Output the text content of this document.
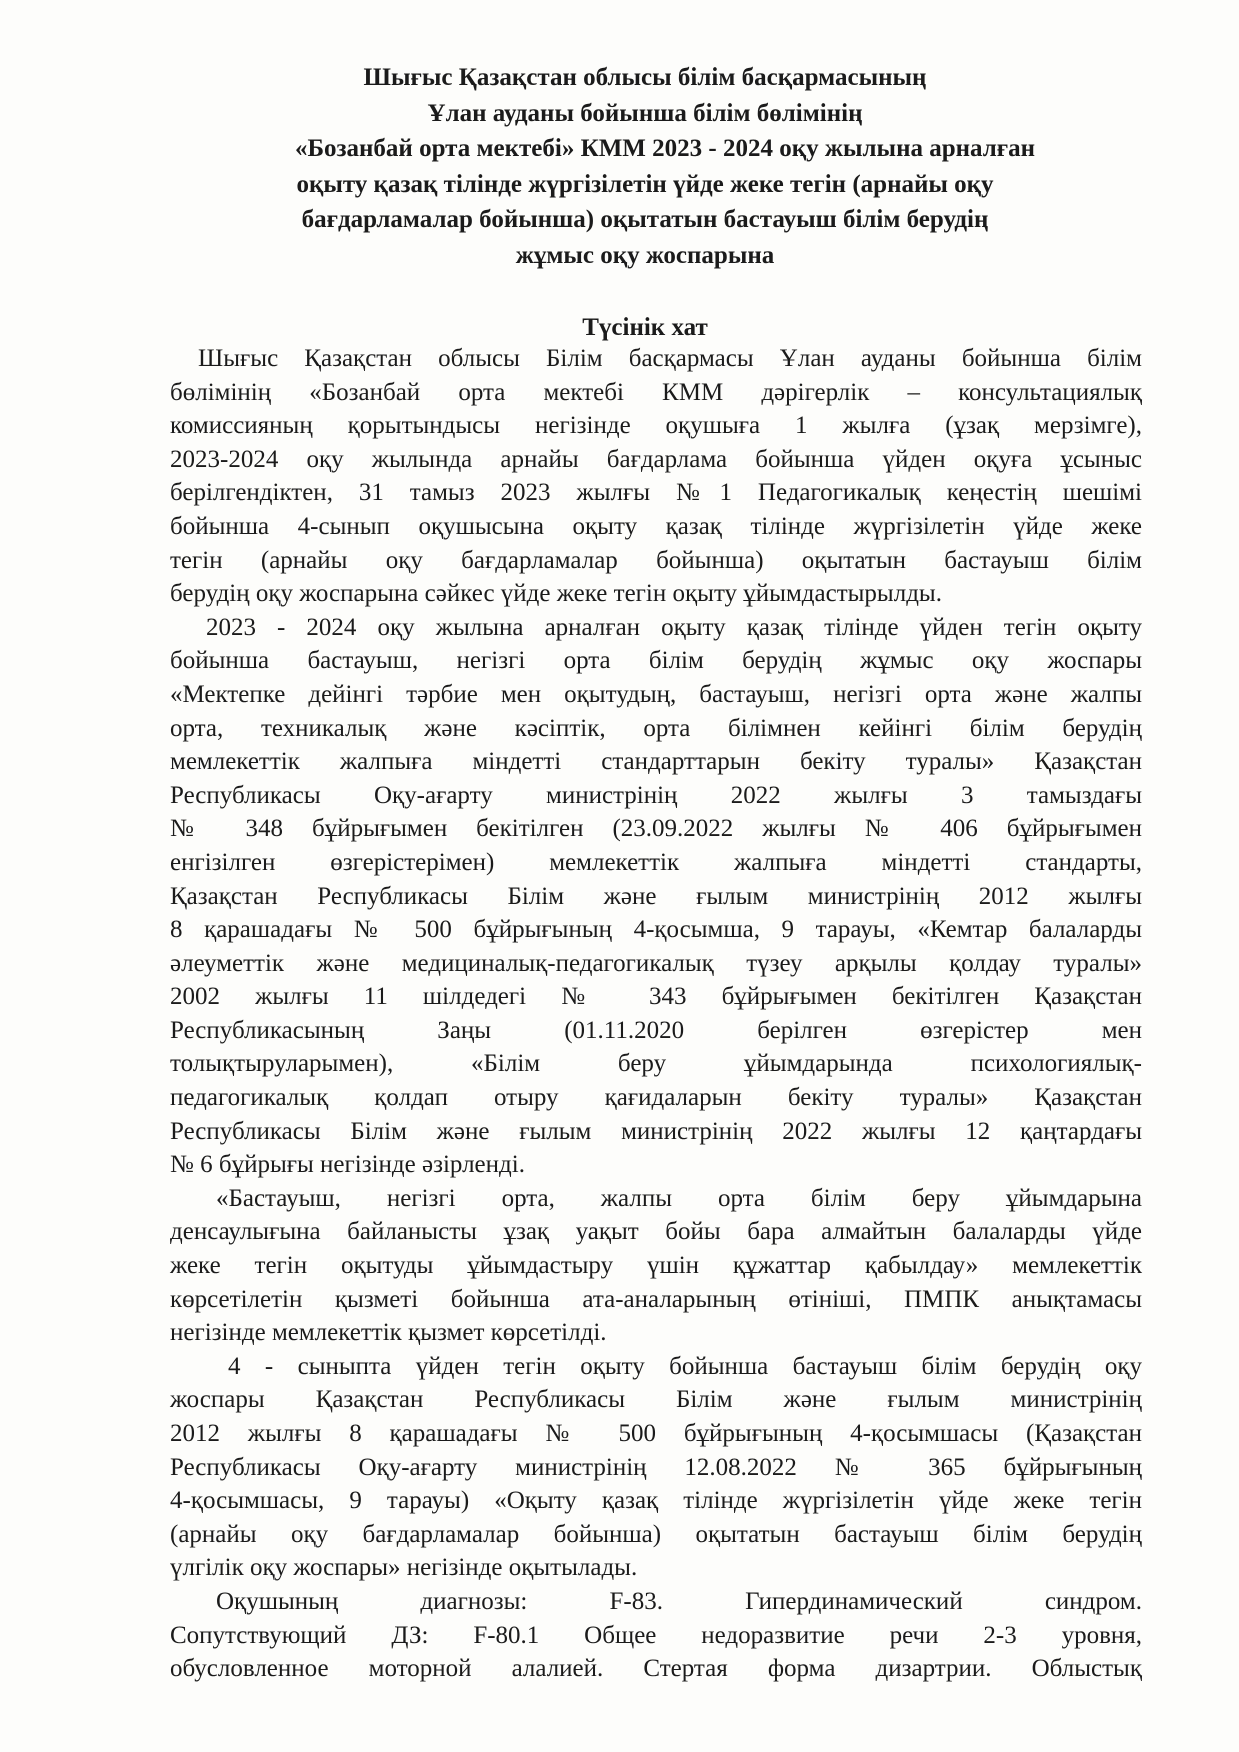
Шығыс Қазақстан облысы білім басқармасының
Ұлан ауданы бойынша білім бөлімінің
«Бозанбай орта мектебі» КММ 2023 - 2024 оқу жылына арналған
оқыту қазақ тілінде жүргізілетін үйде жеке тегін (арнайы оқу
бағдарламалар бойынша) оқытатын бастауыш білім берудің
жұмыс оқу жоспарына
Түсінік хат
Шығыс Қазақстан облысы Білім басқармасы Ұлан ауданы бойынша білім
бөлімінің «Бозанбай орта мектебі КММ дәрігерлік – консультациялық
комиссияның қорытындысы негізінде оқушыға 1 жылға (ұзақ мерзімге),
2023-2024 оқу жылында арнайы бағдарлама бойынша үйден оқуға ұсыныс
берілгендіктен, 31 тамыз 2023 жылғы №1 Педагогикалық кеңестің шешімі
бойынша 4-сынып оқушысына оқыту қазақ тілінде жүргізілетін үйде жеке
тегін (арнайы оқу бағдарламалар бойынша) оқытатын бастауыш білім
берудің оқу жоспарына сәйкес үйде жеке тегін оқыту ұйымдастырылды.
2023 - 2024 оқу жылына арналған оқыту қазақ тілінде үйден тегін оқыту
бойынша бастауыш, негізгі орта білім берудің жұмыс оқу жоспары
«Мектепке дейінгі тәрбие мен оқытудың, бастауыш, негізгі орта және жалпы
орта, техникалық және кәсіптік, орта білімнен кейінгі білім берудің
мемлекеттік жалпыға міндетті стандарттарын бекіту туралы» Қазақстан
Республикасы Оқу-ағарту министрінің 2022 жылғы 3 тамыздағы
№ 348 бұйрығымен бекітілген (23.09.2022 жылғы № 406 бұйрығымен
енгізілген өзгерістерімен) мемлекеттік жалпыға міндетті стандарты,
Қазақстан Республикасы Білім және ғылым министрінің 2012 жылғы
8 қарашадағы № 500 бұйрығының 4-қосымша, 9 тарауы, «Кемтар балаларды
әлеуметтік және медициналық-педагогикалық түзеу арқылы қолдау туралы»
2002 жылғы 11 шілдедегі № 343 бұйрығымен бекітілген Қазақстан
Республикасының Заңы (01.11.2020 берілген өзгерістер мен
толықтыруларымен), «Білім беру ұйымдарында психологиялық-
педагогикалық қолдап отыру қағидаларын бекіту туралы» Қазақстан
Республикасы Білім және ғылым министрінің 2022 жылғы 12 қаңтардағы
№ 6 бұйрығы негізінде әзірленді.
«Бастауыш, негізгі орта, жалпы орта білім беру ұйымдарына
денсаулығына байланысты ұзақ уақыт бойы бара алмайтын балаларды үйде
жеке тегін оқытуды ұйымдастыру үшін құжаттар қабылдау» мемлекеттік
көрсетілетін қызметі бойынша ата-аналарының өтініші, ПМПК анықтамасы
негізінде мемлекеттік қызмет көрсетілді.
4 - сыныпта үйден тегін оқыту бойынша бастауыш білім берудің оқу
жоспары Қазақстан Республикасы Білім және ғылым министрінің
2012 жылғы 8 қарашадағы № 500 бұйрығының 4-қосымшасы (Қазақстан
Республикасы Оқу-ағарту министрінің 12.08.2022 № 365 бұйрығының
4-қосымшасы, 9 тарауы) «Оқыту қазақ тілінде жүргізілетін үйде жеке тегін
(арнайы оқу бағдарламалар бойынша) оқытатын бастауыш білім берудің
үлгілік оқу жоспары» негізінде оқытылады.
Оқушының диагнозы: F-83. Гипердинамический синдром.
Сопутствующий ДЗ: F-80.1 Общее недоразвитие речи 2-3 уровня,
обусловленное моторной алалией. Стертая форма дизартрии. Облыстық
